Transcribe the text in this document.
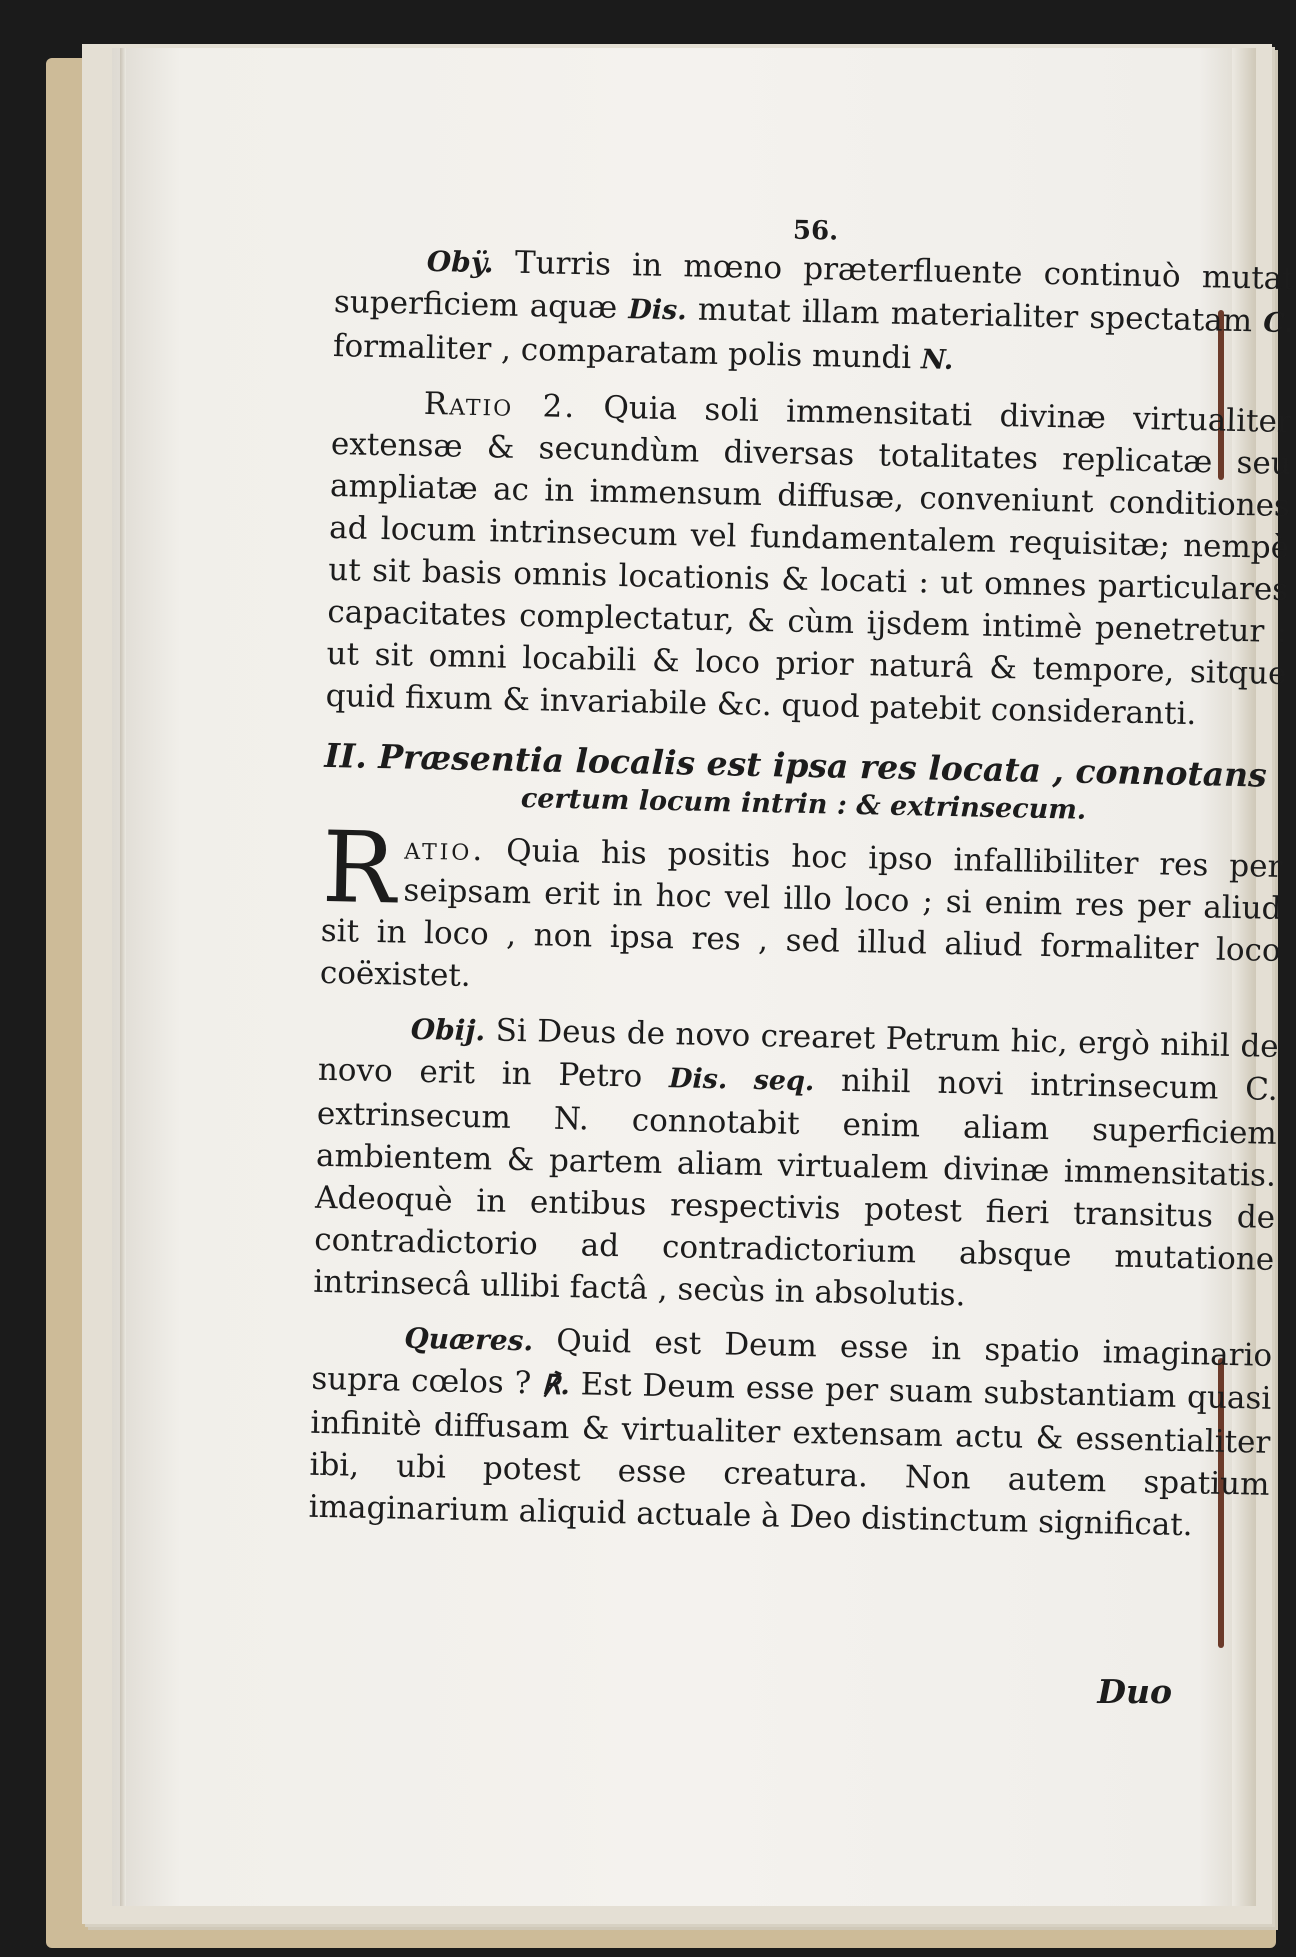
56.

Obÿ. Turris in mœno præterfluente continuò mutat superficiem aquæ Dis. mutat illam materialiter spectatam C. formaliter , comparatam polis mundi N.

Ratio 2. Quia soli immensitati divinæ virtualiter extensæ & secundùm diversas totalitates replicatæ seu ampliatæ ac in immensum diffusæ, conveniunt conditiones ad locum intrinsecum vel fundamentalem requisitæ; nempè ut sit basis omnis locationis & locati : ut omnes particulares capacitates complectatur, & cùm ijsdem intimè penetretur : ut sit omni locabili & loco prior naturâ & tempore, sitque quid fixum & invariabile &c. quod patebit consideranti.

II. Præsentia localis est ipsa res locata , connotans
certum locum intrin : & extrinsecum.

Ratio. Quia his positis hoc ipso infallibiliter res per seipsam erit in hoc vel illo loco ; si enim res per aliud sit in loco , non ipsa res , sed illud aliud formaliter loco coëxistet.

Obij. Si Deus de novo crearet Petrum hic, ergò nihil de novo erit in Petro Dis. seq. nihil novi intrinsecum C. extrinsecum N. connotabit enim aliam superficiem ambientem & partem aliam virtualem divinæ immensitatis. Adeoquè in entibus respectivis potest fieri transitus de contradictorio ad contradictorium absque mutatione intrinsecâ ullibi factâ , secùs in absolutis.

Quæres. Quid est Deum esse in spatio imaginario supra cœlos ? ℟. Est Deum esse per suam substantiam quasi infinitè diffusam & virtualiter extensam actu & essentialiter ibi, ubi potest esse creatura. Non autem spatium imaginarium aliquid actuale à Deo distinctum significat.

Duo
